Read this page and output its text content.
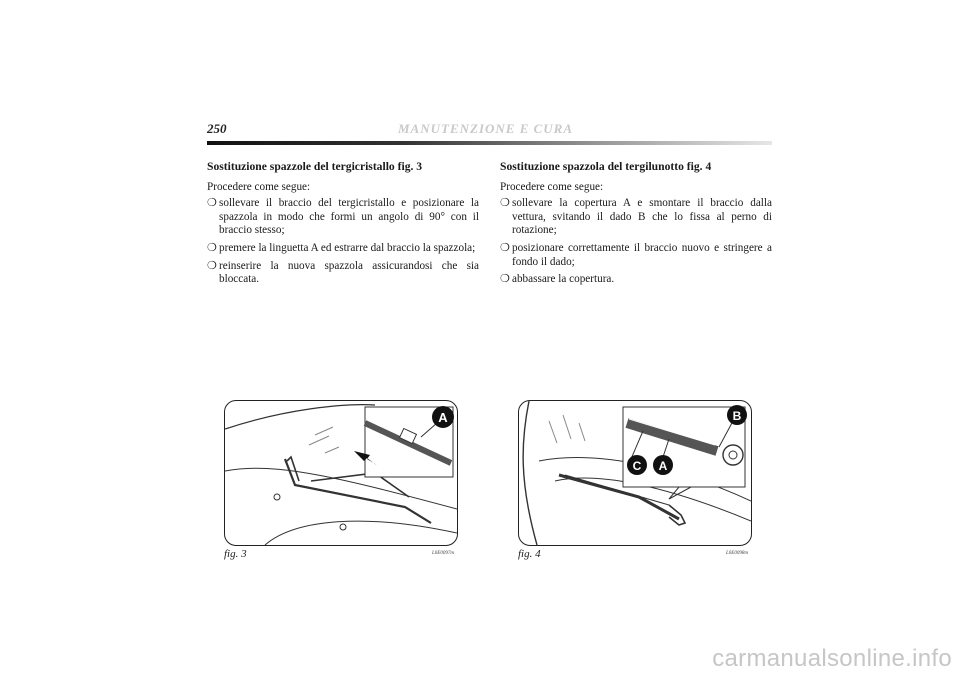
250	MANUTENZIONE E CURA
Sostituzione spazzole del tergicristallo fig. 3

Procedere come segue:

❍ sollevare il braccio del tergicristallo e posizionare la spazzola in modo che formi un angolo di 90° con il braccio stesso;
❍ premere la linguetta A ed estrarre dal braccio la spazzola;
❍ reinserire la nuova spazzola assicurandosi che sia bloccata.
Sostituzione spazzola del tergilunotto fig. 4

Procedere come segue:

❍ sollevare la copertura A e smontare il braccio dalla vettura, svitando il dado B che lo fissa al perno di rotazione;
❍ posizionare correttamente il braccio nuovo e stringere a fondo il dado;
❍ abbassare la copertura.
A
fig. 3	L0E0097m
C A
B
fig. 4	L0E0098m
carmanualsonline.info
